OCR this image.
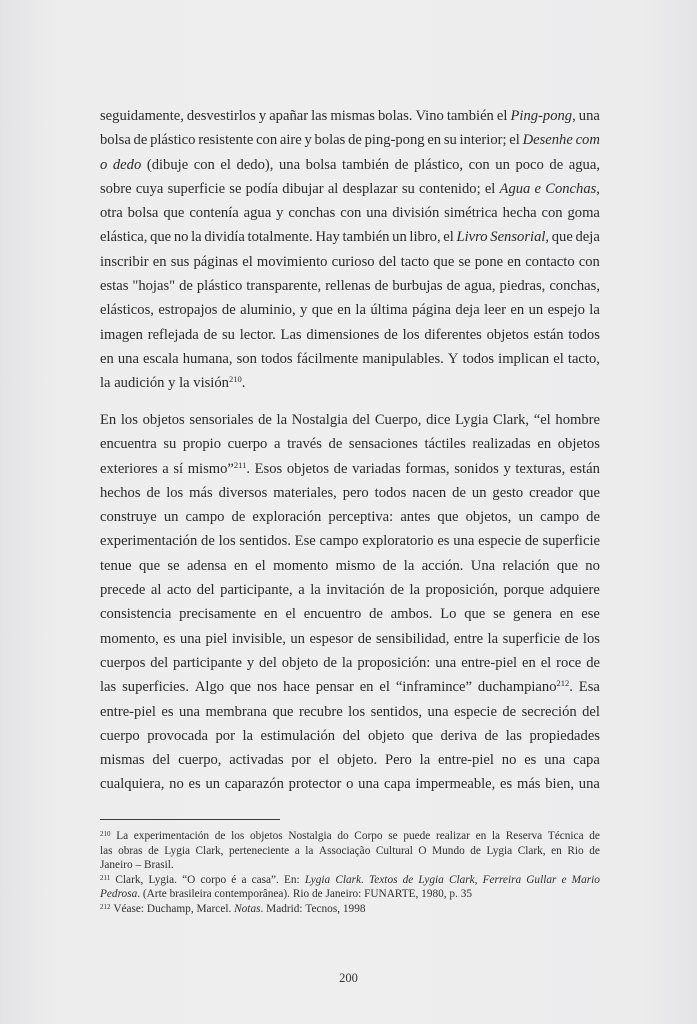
seguidamente, desvestirlos y apañar las mismas bolas. Vino también el Ping-pong, una
bolsa de plástico resistente con aire y bolas de ping-pong en su interior; el Desenhe com
o dedo (dibuje con el dedo), una bolsa también de plástico, con un poco de agua,
sobre cuya superficie se podía dibujar al desplazar su contenido; el Agua e Conchas,
otra bolsa que contenía agua y conchas con una división simétrica hecha con goma
elástica, que no la dividía totalmente. Hay también un libro, el Livro Sensorial, que deja
inscribir en sus páginas el movimiento curioso del tacto que se pone en contacto con
estas "hojas" de plástico transparente, rellenas de burbujas de agua, piedras, conchas,
elásticos, estropajos de aluminio, y que en la última página deja leer en un espejo la
imagen reflejada de su lector. Las dimensiones de los diferentes objetos están todos
en una escala humana, son todos fácilmente manipulables. Y todos implican el tacto,
la
audición
y
la
visión$^{210}$.
En los objetos sensoriales de la Nostalgia del Cuerpo, dice Lygia Clark, “el hombre
encuentra su propio cuerpo a través de sensaciones táctiles realizadas en objetos
exteriores a sí mismo”$^{211}$. Esos objetos de variadas formas, sonidos y texturas, están
hechos de los más diversos materiales, pero todos nacen de un gesto creador que
construye un campo de exploración perceptiva: antes que objetos, un campo de
experimentación de los sentidos. Ese campo exploratorio es una especie de superficie
tenue que se adensa en el momento mismo de la acción. Una relación que no
precede al acto del participante, a la invitación de la proposición, porque adquiere
consistencia precisamente en el encuentro de ambos. Lo que se genera en ese
momento, es una piel invisible, un espesor de sensibilidad, entre la superficie de los
cuerpos del participante y del objeto de la proposición: una entre-piel en el roce de
las superficies. Algo que nos hace pensar en el “inframince” duchampiano$^{212}$. Esa
entre-piel es una membrana que recubre los sentidos, una especie de secreción del
cuerpo provocada por la estimulación del objeto que deriva de las propiedades
mismas del cuerpo, activadas por el objeto. Pero la entre-piel no es una capa
cualquiera, no es un caparazón protector o una capa impermeable, es más bien, una
$^{210}$ La experimentación de los objetos Nostalgia do Corpo se puede realizar en la Reserva Técnica de
las obras de Lygia Clark, perteneciente a la Associação Cultural O Mundo de Lygia Clark, en Rio de
Janeiro
–
Brasil.
$^{211}$ Clark, Lygia. “O corpo é a casa”. En: Lygia Clark. Textos de Lygia Clark, Ferreira Gullar e Mario
Pedrosa.
(Arte
brasileira
contemporânea).
Rio
de
Janeiro:
FUNARTE,
1980,
p.
35
$^{212}$
Véase:
Duchamp,
Marcel.
Notas.
Madrid:
Tecnos,
1998
200
